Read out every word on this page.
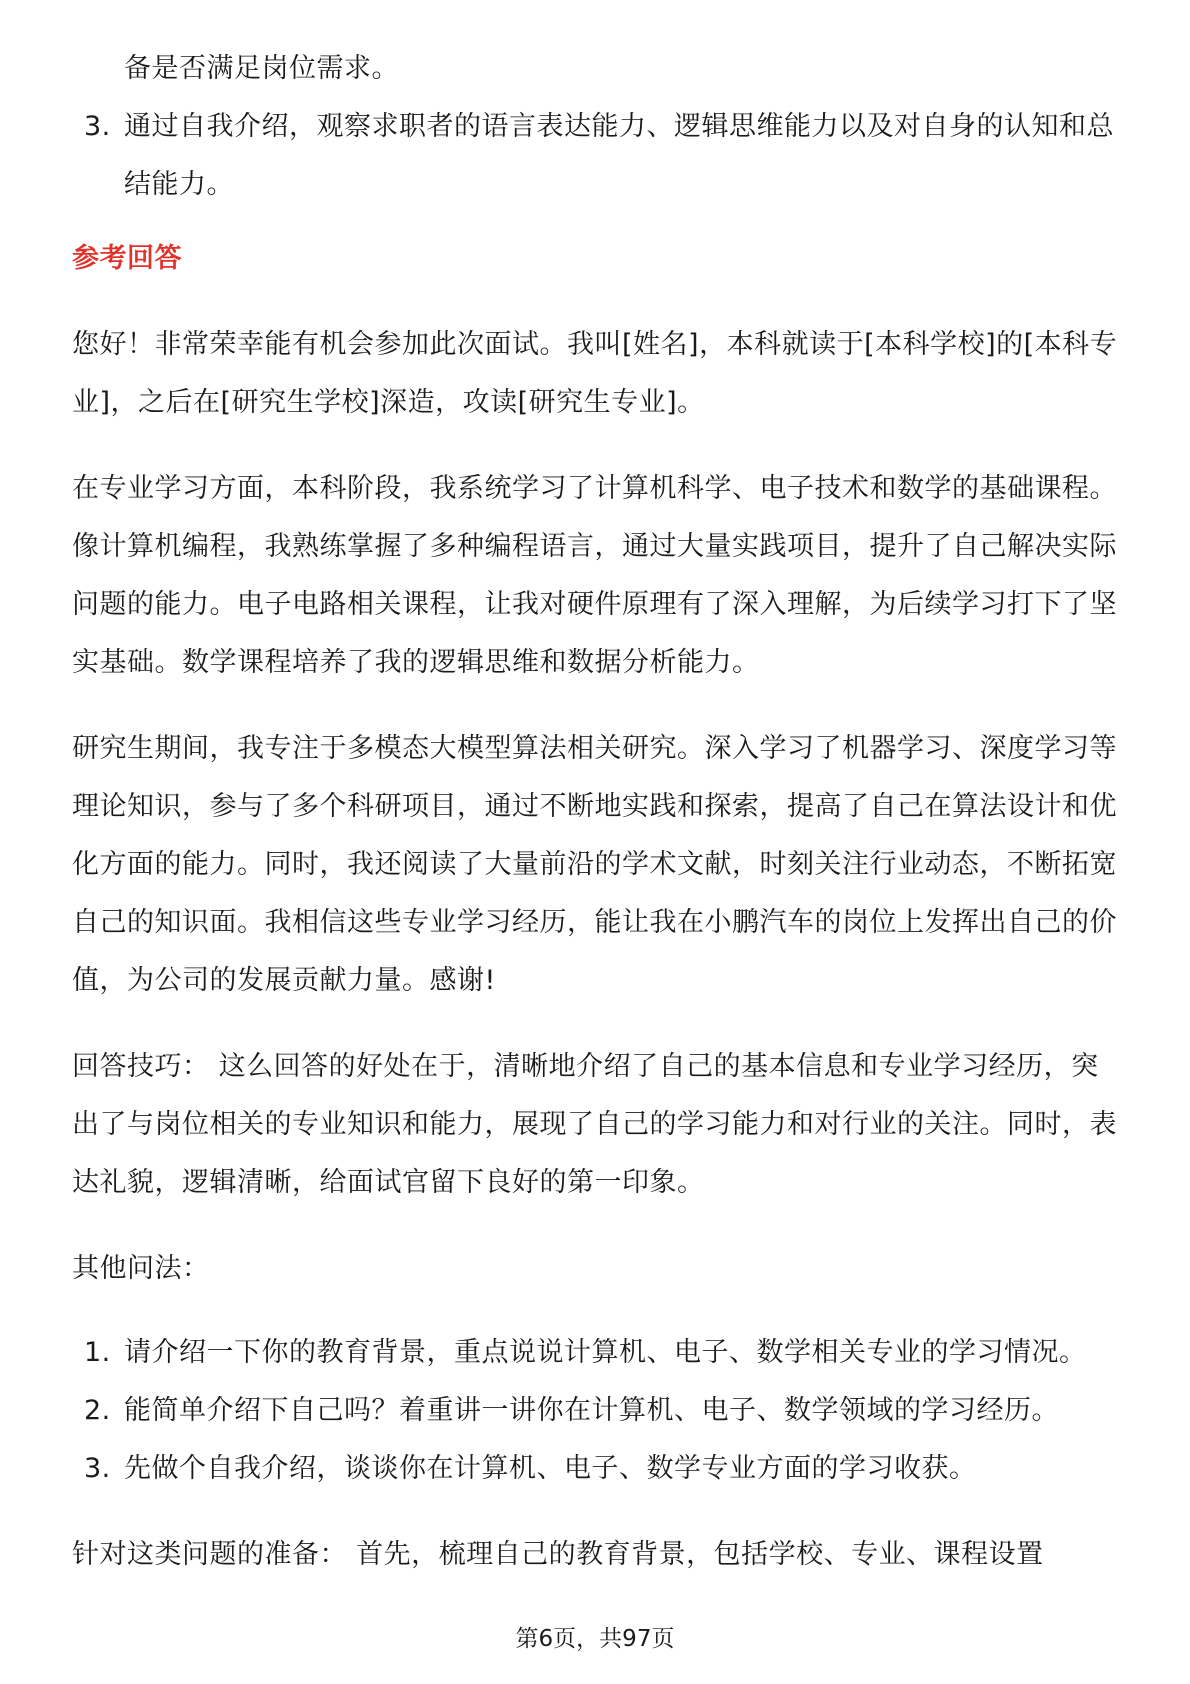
备是否满足岗位需求。

3. 通过自我介绍，观察求职者的语言表达能力、逻辑思维能力以及对自身的认知和总结能力。

参考回答

您好！非常荣幸能有机会参加此次面试。我叫[姓名]，本科就读于[本科学校]的[本科专业]，之后在[研究生学校]深造，攻读[研究生专业]。

在专业学习方面，本科阶段，我系统学习了计算机科学、电子技术和数学的基础课程。像计算机编程，我熟练掌握了多种编程语言，通过大量实践项目，提升了自己解决实际问题的能力。电子电路相关课程，让我对硬件原理有了深入理解，为后续学习打下了坚实基础。数学课程培养了我的逻辑思维和数据分析能力。

研究生期间，我专注于多模态大模型算法相关研究。深入学习了机器学习、深度学习等理论知识，参与了多个科研项目，通过不断地实践和探索，提高了自己在算法设计和优化方面的能力。同时，我还阅读了大量前沿的学术文献，时刻关注行业动态，不断拓宽自己的知识面。我相信这些专业学习经历，能让我在小鹏汽车的岗位上发挥出自己的价值，为公司的发展贡献力量。感谢!

回答技巧： 这么回答的好处在于，清晰地介绍了自己的基本信息和专业学习经历，突出了与岗位相关的专业知识和能力，展现了自己的学习能力和对行业的关注。同时，表达礼貌，逻辑清晰，给面试官留下良好的第一印象。

其他问法：

1. 请介绍一下你的教育背景，重点说说计算机、电子、数学相关专业的学习情况。
2. 能简单介绍下自己吗？着重讲一讲你在计算机、电子、数学领域的学习经历。
3. 先做个自我介绍，谈谈你在计算机、电子、数学专业方面的学习收获。

针对这类问题的准备： 首先，梳理自己的教育背景，包括学校、专业、课程设置

第6页，共97页
